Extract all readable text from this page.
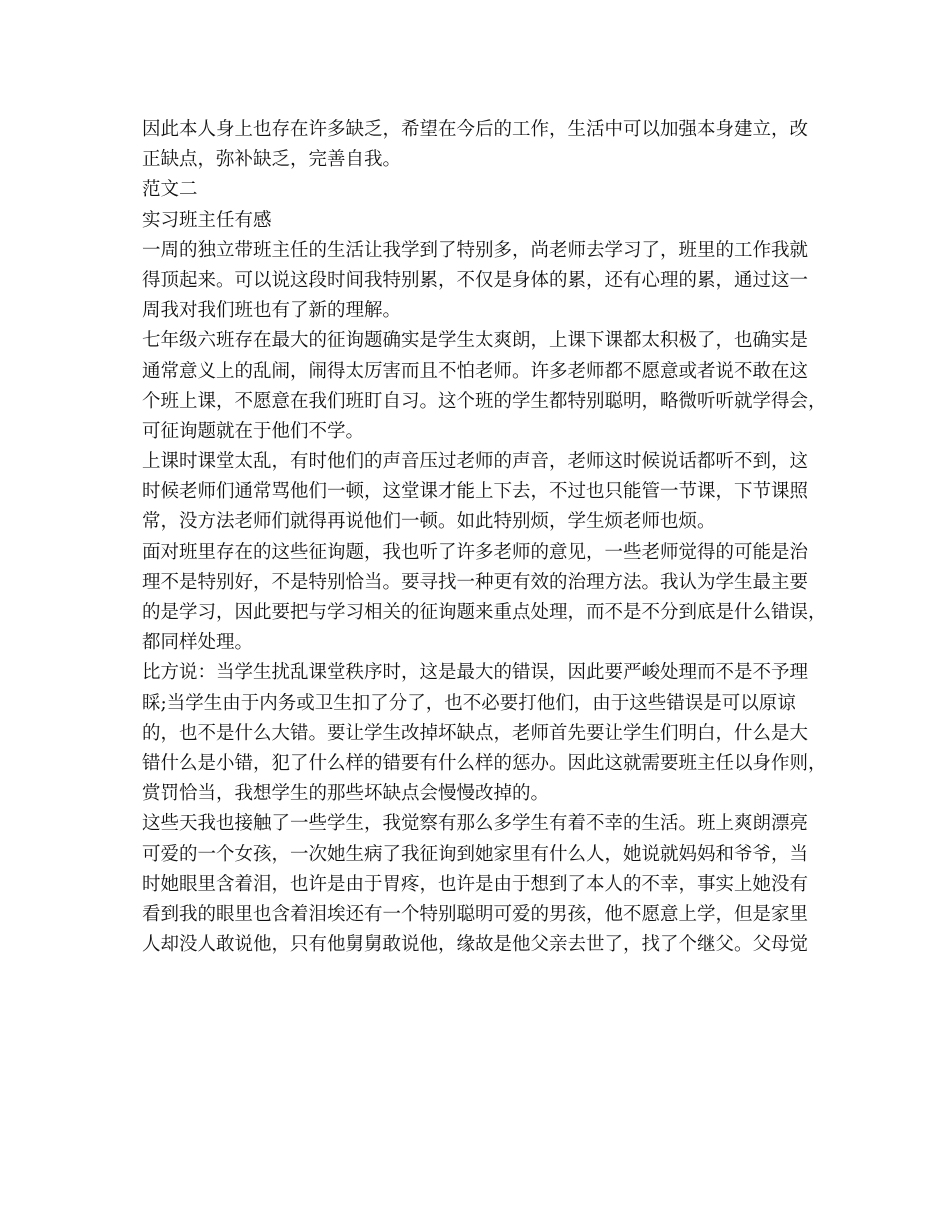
因此本人身上也存在许多缺乏，希望在今后的工作，生活中可以加强本身建立，改
正缺点，弥补缺乏，完善自我。
范文二
实习班主任有感
一周的独立带班主任的生活让我学到了特别多，尚老师去学习了，班里的工作我就
得顶起来。可以说这段时间我特别累，不仅是身体的累，还有心理的累，通过这一
周我对我们班也有了新的理解。
七年级六班存在最大的征询题确实是学生太爽朗，上课下课都太积极了，也确实是
通常意义上的乱闹，闹得太厉害而且不怕老师。许多老师都不愿意或者说不敢在这
个班上课，不愿意在我们班盯自习。这个班的学生都特别聪明，略微听听就学得会，
可征询题就在于他们不学。
上课时课堂太乱，有时他们的声音压过老师的声音，老师这时候说话都听不到，这
时候老师们通常骂他们一顿，这堂课才能上下去，不过也只能管一节课，下节课照
常，没方法老师们就得再说他们一顿。如此特别烦，学生烦老师也烦。
面对班里存在的这些征询题，我也听了许多老师的意见，一些老师觉得的可能是治
理不是特别好，不是特别恰当。要寻找一种更有效的治理方法。我认为学生最主要
的是学习，因此要把与学习相关的征询题来重点处理，而不是不分到底是什么错误，
都同样处理。
比方说：当学生扰乱课堂秩序时，这是最大的错误，因此要严峻处理而不是不予理
睬;当学生由于内务或卫生扣了分了，也不必要打他们，由于这些错误是可以原谅
的，也不是什么大错。要让学生改掉坏缺点，老师首先要让学生们明白，什么是大
错什么是小错，犯了什么样的错要有什么样的惩办。因此这就需要班主任以身作则，
赏罚恰当，我想学生的那些坏缺点会慢慢改掉的。
这些天我也接触了一些学生，我觉察有那么多学生有着不幸的生活。班上爽朗漂亮
可爱的一个女孩，一次她生病了我征询到她家里有什么人，她说就妈妈和爷爷，当
时她眼里含着泪，也许是由于胃疼，也许是由于想到了本人的不幸，事实上她没有
看到我的眼里也含着泪埃还有一个特别聪明可爱的男孩，他不愿意上学，但是家里
人却没人敢说他，只有他舅舅敢说他，缘故是他父亲去世了，找了个继父。父母觉
